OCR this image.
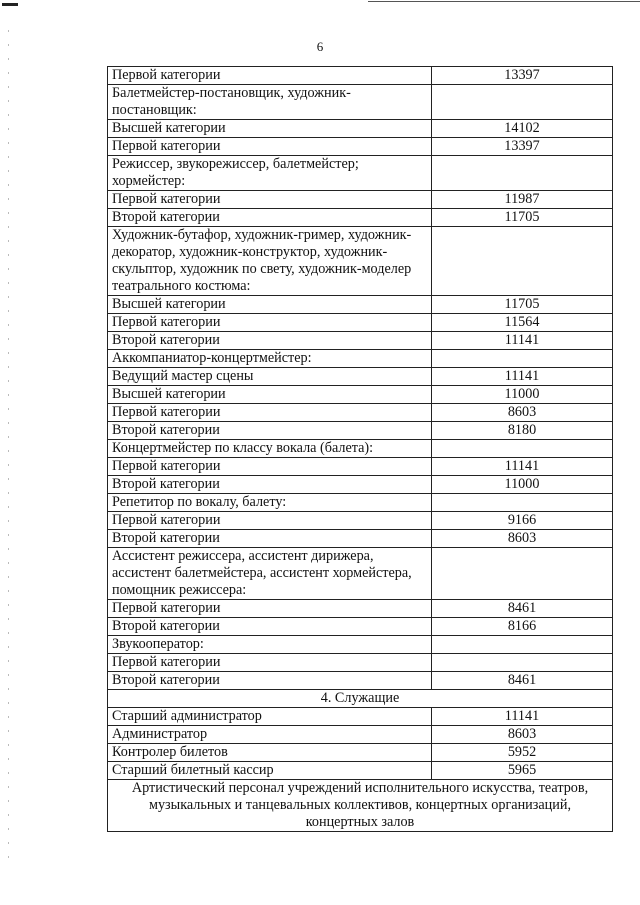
6
Первой категории	13397
Балетмейстер-постановщик, художник-постановщик:	
Высшей категории	14102
Первой категории	13397
Режиссер, звукорежиссер, балетмейстер; хормейстер:	
Первой категории	11987
Второй категории	11705
Художник-бутафор, художник-гример, художник-декоратор, художник-конструктор, художник-скульптор, художник по свету, художник-моделер театрального костюма:	
Высшей категории	11705
Первой категории	11564
Второй категории	11141
Аккомпаниатор-концертмейстер:	
Ведущий мастер сцены	11141
Высшей категории	11000
Первой категории	8603
Второй категории	8180
Концертмейстер по классу вокала (балета):	
Первой категории	11141
Второй категории	11000
Репетитор по вокалу, балету:	
Первой категории	9166
Второй категории	8603
Ассистент режиссера, ассистент дирижера, ассистент балетмейстера, ассистент хормейстера, помощник режиссера:	
Первой категории	8461
Второй категории	8166
Звукооператор:	
Первой категории	
Второй категории	8461
4. Служащие	
Старший администратор	11141
Администратор	8603
Контролер билетов	5952
Старший билетный кассир	5965
Артистический персонал учреждений исполнительного искусства, театров, музыкальных и танцевальных коллективов, концертных организаций, концертных залов	
